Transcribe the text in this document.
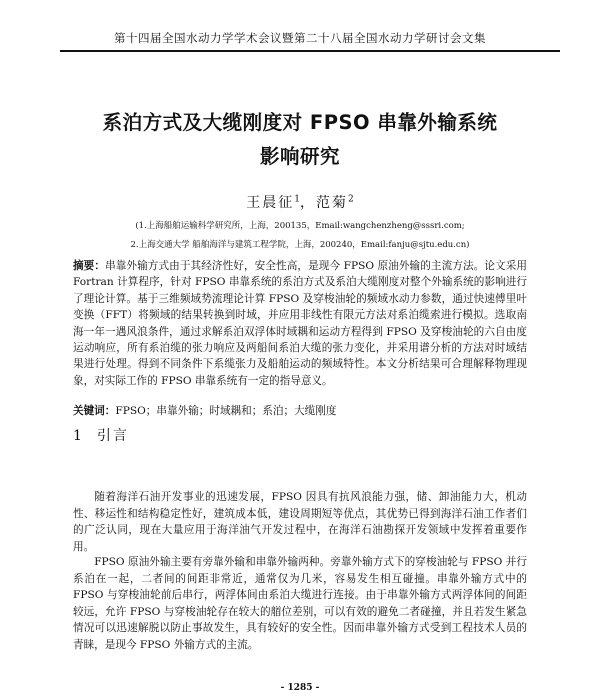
第十四届全国水动力学学术会议暨第二十八届全国水动力学研讨会文集
系泊方式及大缆刚度对 FPSO 串靠外输系统
影响研究
王晨征$^1$，范菊$^2$
(1.上海船舶运输科学研究所，上海，200135，Email:wangchenzheng@sssri.com;
2.上海交通大学 船舶海洋与建筑工程学院，上海，200240，Email:fanju@sjtu.edu.cn)
摘要：串靠外输方式由于其经济性好，安全性高，是现今 FPSO 原油外输的主流方法。论文采用 Fortran 计算程序，针对 FPSO 串靠系统的系泊方式及系泊大缆刚度对整个外输系统的影响进行了理论计算。基于三维频域势流理论计算 FPSO 及穿梭油轮的频域水动力参数，通过快速傅里叶变换（FFT）将频域的结果转换到时域，并应用非线性有限元方法对系泊缆索进行模拟。选取南海一年一遇风浪条件，通过求解系泊双浮体时域耦和运动方程得到 FPSO 及穿梭油轮的六自由度运动响应，所有系泊缆的张力响应及两船间系泊大缆的张力变化，并采用谱分析的方法对时域结果进行处理。得到不同条件下系缆张力及船舶运动的频域特性。本文分析结果可合理解释物理现象，对实际工作的 FPSO 串靠系统有一定的指导意义。
关键词：FPSO；串靠外输；时域耦和；系泊；大缆刚度
1 引言
随着海洋石油开发事业的迅速发展，FPSO 因具有抗风浪能力强，储、卸油能力大，机动性、移运性和结构稳定性好，建筑成本低，建设周期短等优点，其优势已得到海洋石油工作者们的广泛认同，现在大量应用于海洋油气开发过程中，在海洋石油勘探开发领域中发挥着重要作用。
FPSO 原油外输主要有旁靠外输和串靠外输两种。旁靠外输方式下的穿梭油轮与 FPSO 并行系泊在一起，二者间的间距非常近，通常仅为几米，容易发生相互碰撞。串靠外输方式中的 FPSO 与穿梭油轮前后串行，两浮体间由系泊大缆进行连接。由于串靠外输方式两浮体间的间距较远，允许 FPSO 与穿梭油轮存在较大的艏位差别，可以有效的避免二者碰撞，并且若发生紧急情况可以迅速解脱以防止事故发生，具有较好的安全性。因而串靠外输方式受到工程技术人员的青睐，是现今 FPSO 外输方式的主流。
- 1285 -
